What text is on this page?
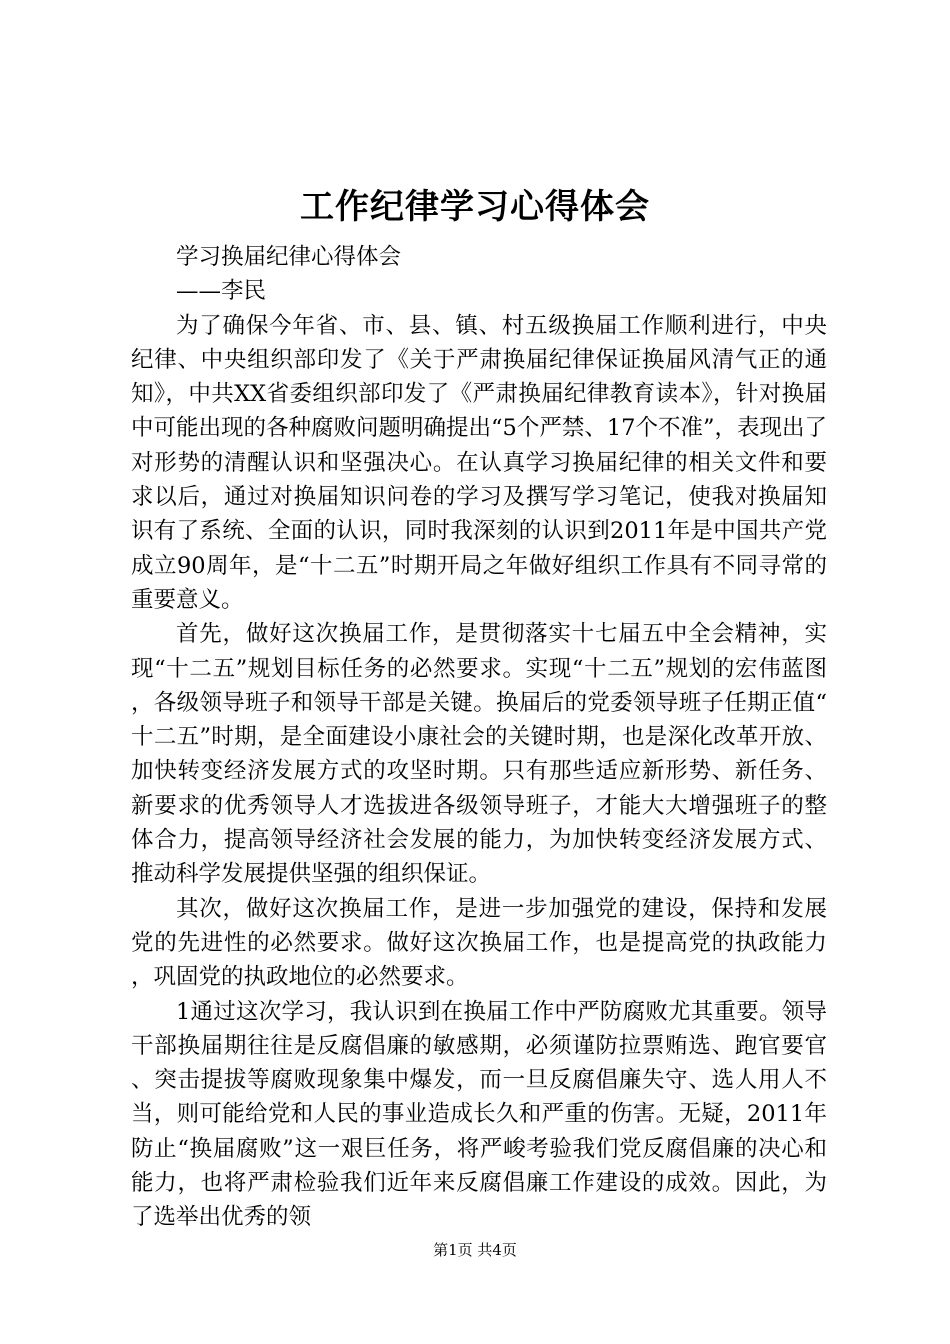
工作纪律学习心得体会

学习换届纪律心得体会

——李民

为了确保今年省、市、县、镇、村五级换届工作顺利进行，中央纪律、中央组织部印发了《关于严肃换届纪律保证换届风清气正的通知》，中共XX省委组织部印发了《严肃换届纪律教育读本》，针对换届中可能出现的各种腐败问题明确提出“5个严禁、17个不准”，表现出了对形势的清醒认识和坚强决心。在认真学习换届纪律的相关文件和要求以后，通过对换届知识问卷的学习及撰写学习笔记，使我对换届知识有了系统、全面的认识，同时我深刻的认识到2011年是中国共产党成立90周年，是“十二五”时期开局之年做好组织工作具有不同寻常的重要意义。

首先，做好这次换届工作，是贯彻落实十七届五中全会精神，实现“十二五”规划目标任务的必然要求。实现“十二五”规划的宏伟蓝图，各级领导班子和领导干部是关键。换届后的党委领导班子任期正值“十二五”时期，是全面建设小康社会的关键时期，也是深化改革开放、加快转变经济发展方式的攻坚时期。只有那些适应新形势、新任务、新要求的优秀领导人才选拔进各级领导班子，才能大大增强班子的整体合力，提高领导经济社会发展的能力，为加快转变经济发展方式、推动科学发展提供坚强的组织保证。

其次，做好这次换届工作，是进一步加强党的建设，保持和发展党的先进性的必然要求。做好这次换届工作，也是提高党的执政能力，巩固党的执政地位的必然要求。

1通过这次学习，我认识到在换届工作中严防腐败尤其重要。领导干部换届期往往是反腐倡廉的敏感期，必须谨防拉票贿选、跑官要官、突击提拔等腐败现象集中爆发，而一旦反腐倡廉失守、选人用人不当，则可能给党和人民的事业造成长久和严重的伤害。无疑，2011年防止“换届腐败”这一艰巨任务，将严峻考验我们党反腐倡廉的决心和能力，也将严肃检验我们近年来反腐倡廉工作建设的成效。因此，为了选举出优秀的领

第1页 共4页
